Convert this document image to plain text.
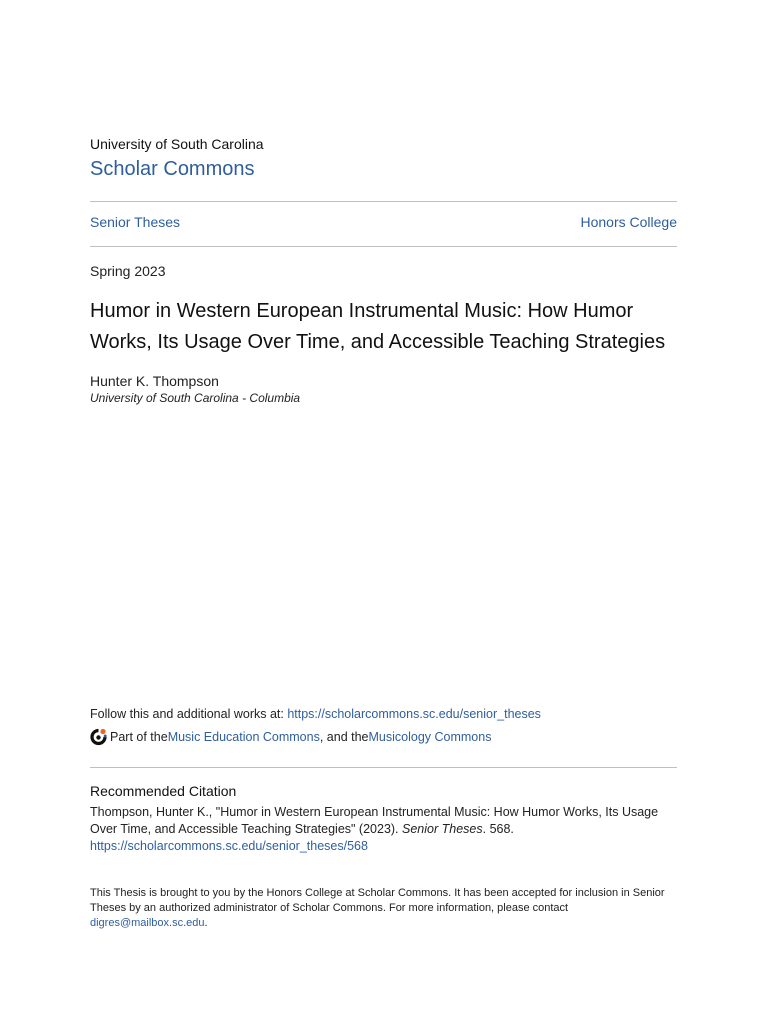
University of South Carolina
Scholar Commons
Senior Theses	Honors College
Spring 2023
Humor in Western European Instrumental Music: How Humor Works, Its Usage Over Time, and Accessible Teaching Strategies
Hunter K. Thompson
University of South Carolina - Columbia
Follow this and additional works at: https://scholarcommons.sc.edu/senior_theses
Part of the Music Education Commons , and the Musicology Commons
Recommended Citation
Thompson, Hunter K., "Humor in Western European Instrumental Music: How Humor Works, Its Usage Over Time, and Accessible Teaching Strategies" (2023). Senior Theses. 568.
https://scholarcommons.sc.edu/senior_theses/568
This Thesis is brought to you by the Honors College at Scholar Commons. It has been accepted for inclusion in Senior Theses by an authorized administrator of Scholar Commons. For more information, please contact
digres@mailbox.sc.edu.
